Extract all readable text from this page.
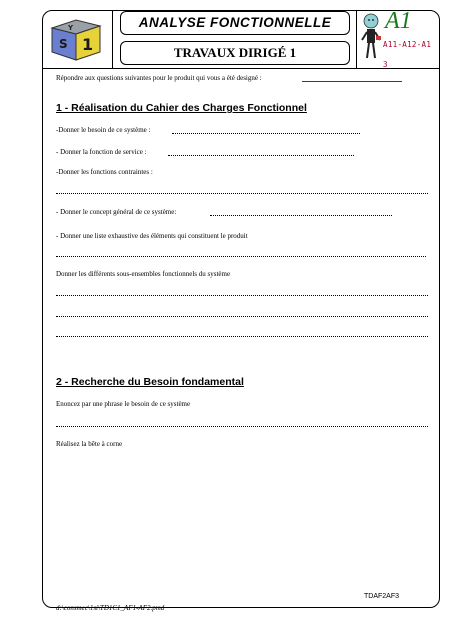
S 1
Y	ANALYSE FONCTIONNELLE
TRAVAUX DIRIGÉ 1
A1
A11-A12-A13
Répondre aux questions suivantes pour le produit qui vous a été designé :
1 - Réalisation du Cahier des Charges Fonctionnel
-Donner le besoin de ce système :
- Donner la fonction de service :
-Donner les fonctions contraintes :
- Donner le concept général de ce système:
- Donner une liste exhaustive des éléments qui constituent le produit
Donner les différents sous-ensembles fonctionnels du système
2 - Recherche du Besoin fondamental
Enoncez par une phrase le besoin de ce système
Réalisez la bête à corne
TDAF2AF3
d:\consmec\1si\TD1C1_AF1-AF2.pmd
